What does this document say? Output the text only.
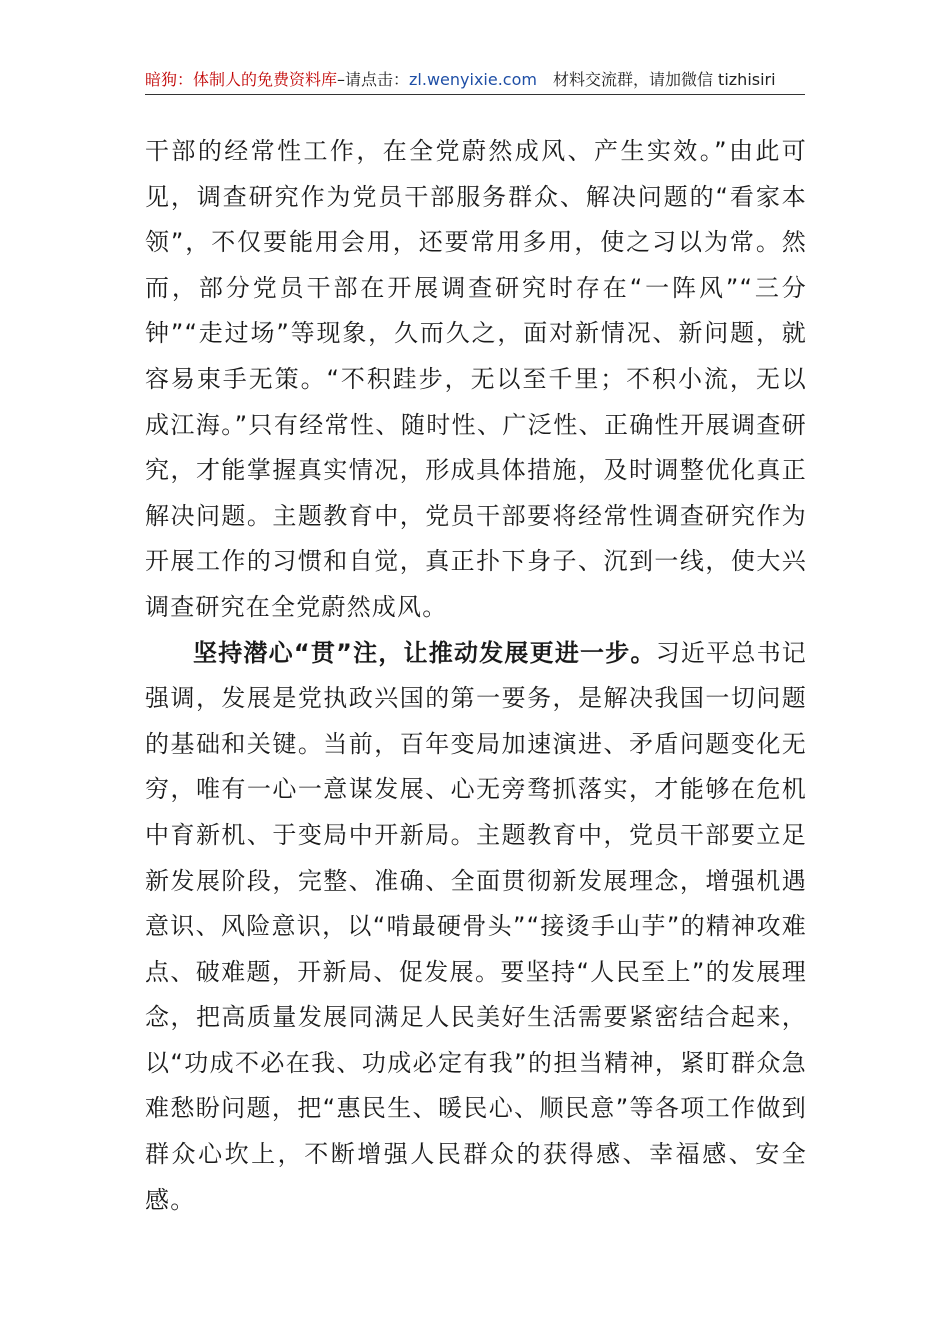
暗狗：体制人的免费资料库–请点击：zl.wenyixie.com 材料交流群，请加微信 tizhisiri

干部的经常性工作，在全党蔚然成风、产生实效。”由此可见，调查研究作为党员干部服务群众、解决问题的“看家本领”，不仅要能用会用，还要常用多用，使之习以为常。然而，部分党员干部在开展调查研究时存在“一阵风”“三分钟”“走过场”等现象，久而久之，面对新情况、新问题，就容易束手无策。“不积跬步，无以至千里；不积小流，无以成江海。”只有经常性、随时性、广泛性、正确性开展调查研究，才能掌握真实情况，形成具体措施，及时调整优化真正解决问题。主题教育中，党员干部要将经常性调查研究作为开展工作的习惯和自觉，真正扑下身子、沉到一线，使大兴调查研究在全党蔚然成风。

坚持潜心“贯”注，让推动发展更进一步。习近平总书记强调，发展是党执政兴国的第一要务，是解决我国一切问题的基础和关键。当前，百年变局加速演进、矛盾问题变化无穷，唯有一心一意谋发展、心无旁骛抓落实，才能够在危机中育新机、于变局中开新局。主题教育中，党员干部要立足新发展阶段，完整、准确、全面贯彻新发展理念，增强机遇意识、风险意识，以“啃最硬骨头”“接烫手山芋”的精神攻难点、破难题，开新局、促发展。要坚持“人民至上”的发展理念，把高质量发展同满足人民美好生活需要紧密结合起来，以“功成不必在我、功成必定有我”的担当精神，紧盯群众急难愁盼问题，把“惠民生、暖民心、顺民意”等各项工作做到群众心坎上，不断增强人民群众的获得感、幸福感、安全感。
